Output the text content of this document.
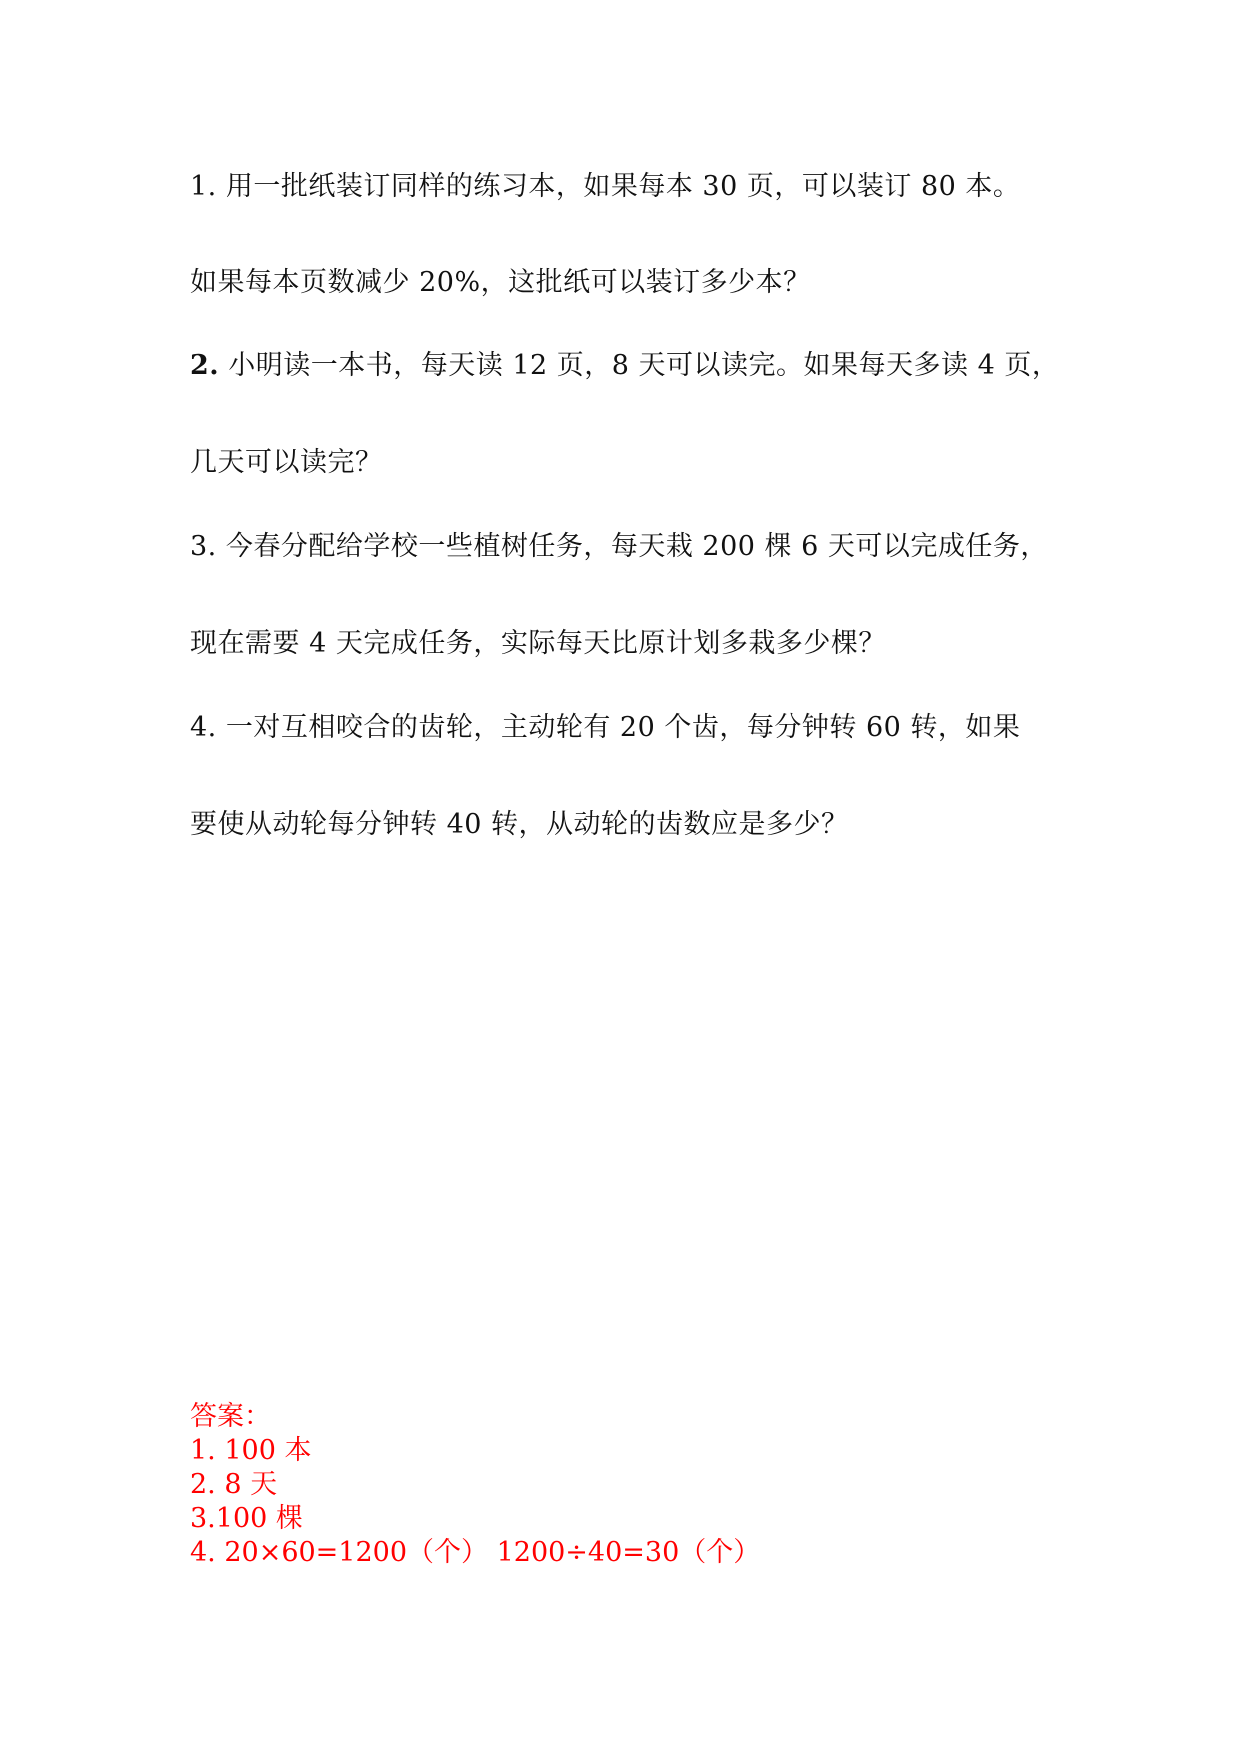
1. 用一批纸装订同样的练习本，如果每本 30 页，可以装订 80 本。
如果每本页数减少 20%，这批纸可以装订多少本？
2. 小明读一本书，每天读 12 页，8 天可以读完。如果每天多读 4 页，
几天可以读完？
3. 今春分配给学校一些植树任务，每天栽 200 棵 6 天可以完成任务，
现在需要 4 天完成任务，实际每天比原计划多栽多少棵？
4. 一对互相咬合的齿轮，主动轮有 20 个齿，每分钟转 60 转，如果
要使从动轮每分钟转 40 转，从动轮的齿数应是多少？
答案：
1. 100 本
2. 8 天
3.100 棵
4. 20×60=1200（个） 1200÷40=30（个）
